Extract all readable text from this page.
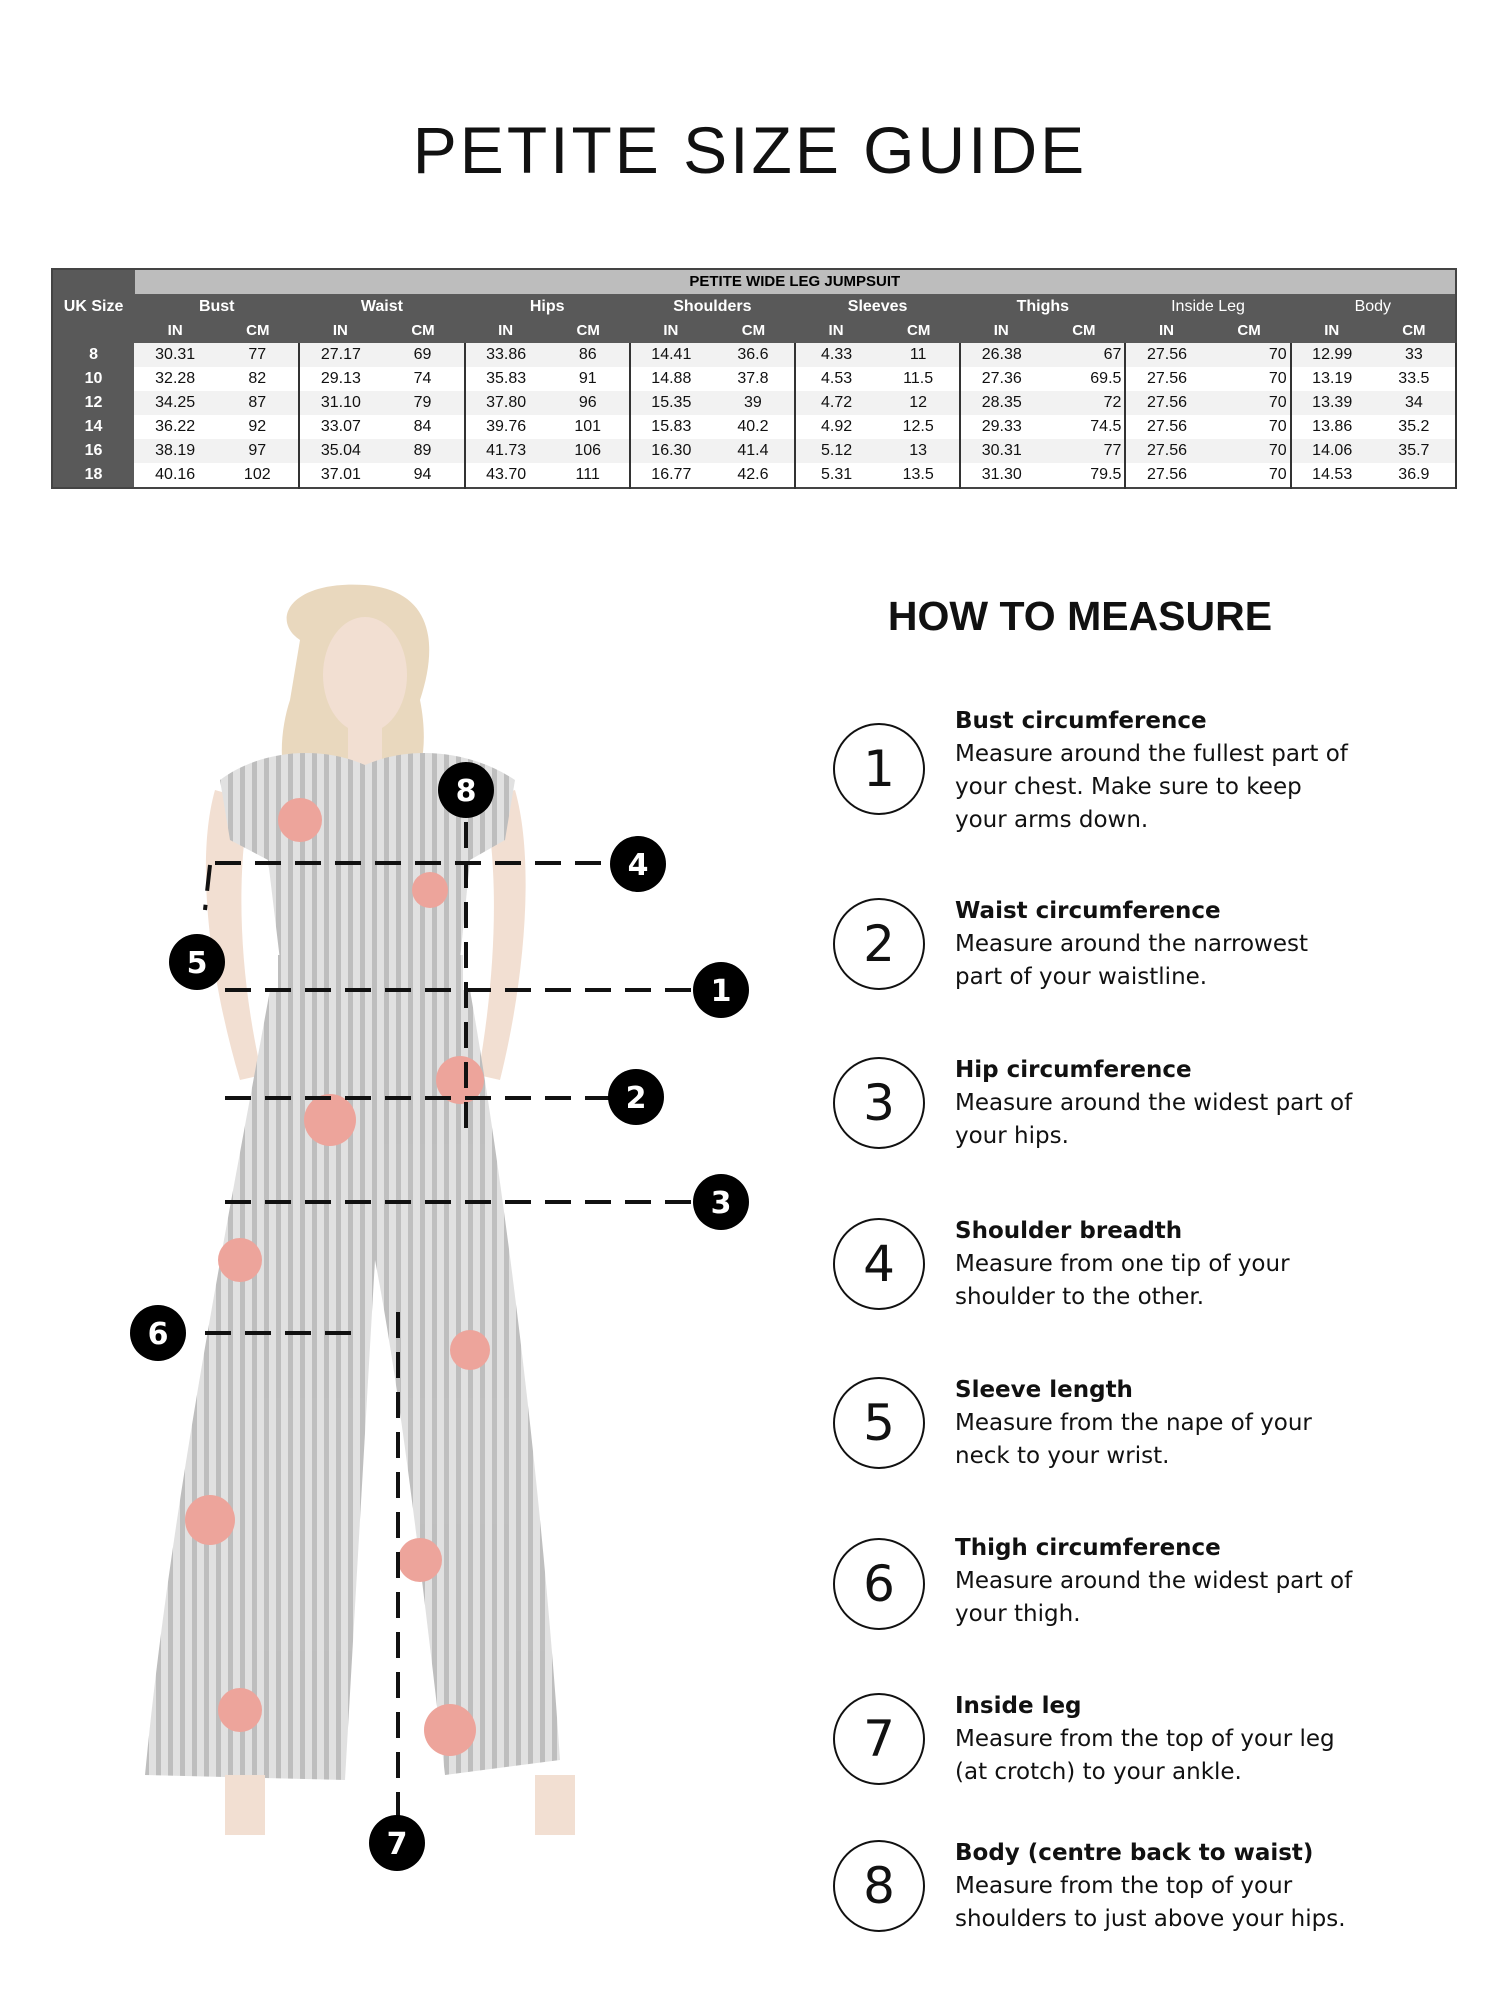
PETITE SIZE GUIDE
	PETITE WIDE LEG JUMPSUIT															
UK Size	Bust		Waist		Hips		Shoulders		Sleeves		Thighs		Inside Leg		Body	
	IN	CM	IN	CM	IN	CM	IN	CM	IN	CM	IN	CM	IN	CM	IN	CM
8	30.31	77	27.17	69	33.86	86	14.41	36.6	4.33	11	26.38	67	27.56	70	12.99	33
10	32.28	82	29.13	74	35.83	91	14.88	37.8	4.53	11.5	27.36	69.5	27.56	70	13.19	33.5
12	34.25	87	31.10	79	37.80	96	15.35	39	4.72	12	28.35	72	27.56	70	13.39	34
14	36.22	92	33.07	84	39.76	101	15.83	40.2	4.92	12.5	29.33	74.5	27.56	70	13.86	35.2
16	38.19	97	35.04	89	41.73	106	16.30	41.4	5.12	13	30.31	77	27.56	70	14.06	35.7
18	40.16	102	37.01	94	43.70	111	16.77	42.6	5.31	13.5	31.30	79.5	27.56	70	14.53	36.9
8
4
5
1
2
3
6
7
HOW TO MEASURE
1

Bust circumference

Measure around the fullest part of your chest. Make sure to keep your arms down.

2

Waist circumference

Measure around the narrowest part of your waistline.

3

Hip circumference

Measure around the widest part of your hips.

4

Shoulder breadth

Measure from one tip of your shoulder to the other.

5

Sleeve length

Measure from the nape of your neck to your wrist.

6

Thigh circumference

Measure around the widest part of your thigh.

7

Inside leg

Measure from the top of your leg (at crotch) to your ankle.

8

Body (centre back to waist)

Measure from the top of your shoulders to just above your hips.
